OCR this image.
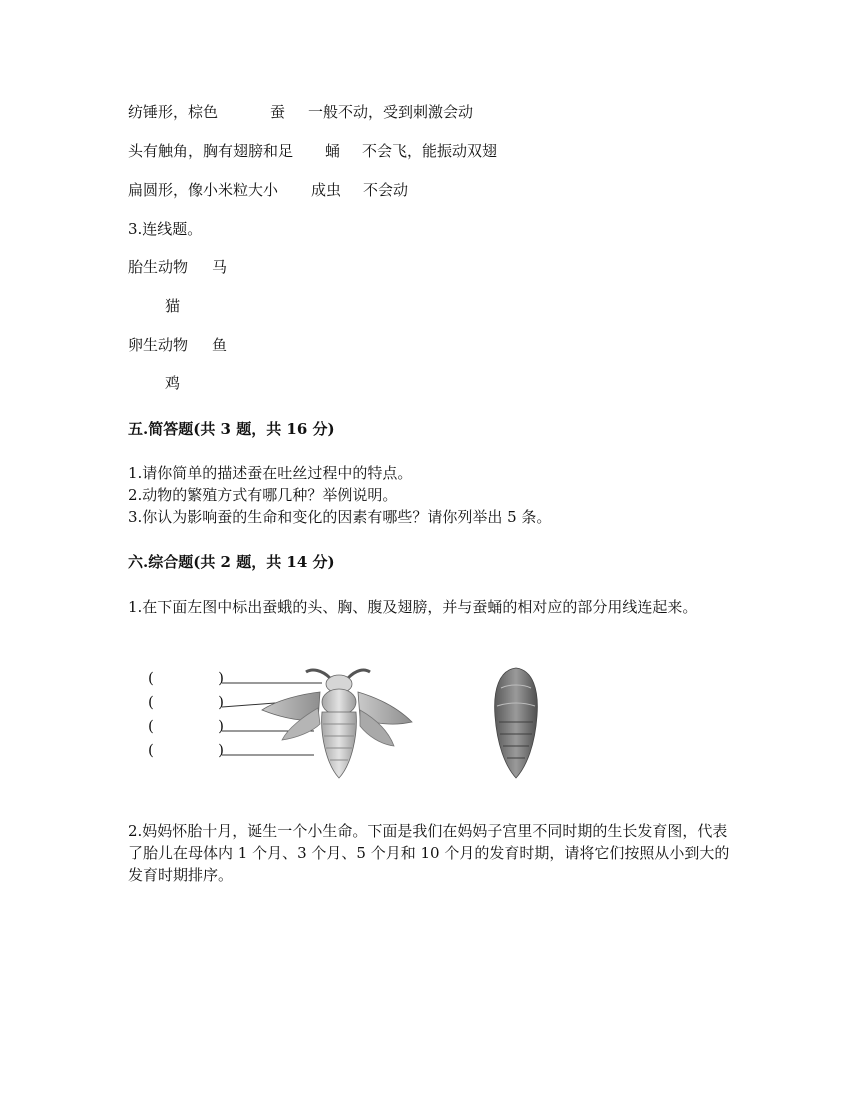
纺锤形，棕色	蚕 一般不动，受到刺激会动
头有触角，胸有翅膀和足 蛹 不会飞，能振动双翅
扁圆形，像小米粒大小 成虫 不会动
3.连线题。
胎生动物 马
猫
卵生动物 鱼
鸡
五.简答题(共 3 题，共 16 分)
1.请你简单的描述蚕在吐丝过程中的特点。
2.动物的繁殖方式有哪几种？举例说明。
3.你认为影响蚕的生命和变化的因素有哪些？请你列举出 5 条。
六.综合题(共 2 题，共 14 分)
1.在下面左图中标出蚕蛾的头、胸、腹及翅膀，并与蚕蛹的相对应的部分用线连起来。
(	)
(	)
(	)
(	)
2.妈妈怀胎十月，诞生一个小生命。下面是我们在妈妈子宫里不同时期的生长发育图，代表了胎儿在母体内 1 个月、3 个月、5 个月和 10 个月的发育时期，请将它们按照从小到大的发育时期排序。
